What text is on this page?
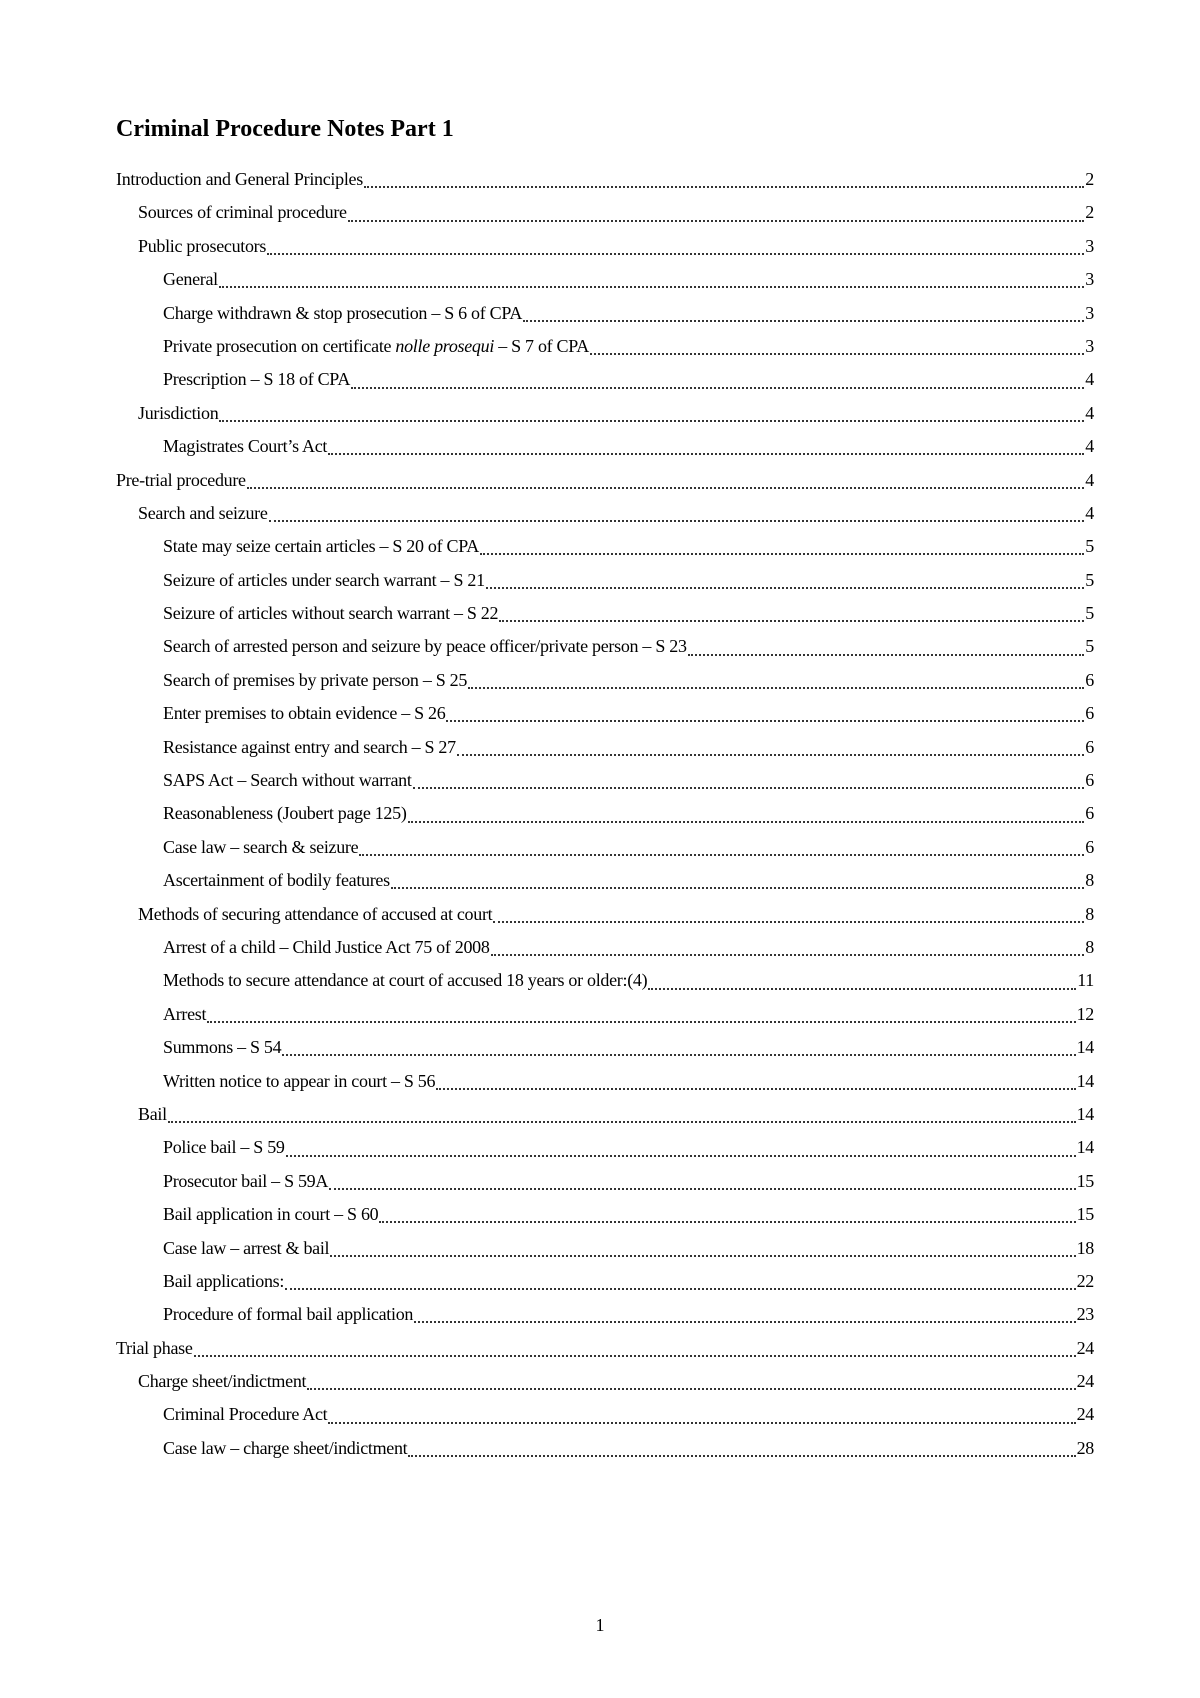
Criminal Procedure Notes Part 1
Introduction and General Principles	2
Sources of criminal procedure	2
Public prosecutors	3
General	3
Charge withdrawn & stop prosecution – S 6 of CPA	3
Private prosecution on certificate nolle prosequi – S 7 of CPA	3
Prescription – S 18 of CPA	4
Jurisdiction	4
Magistrates Court’s Act	4
Pre-trial procedure	4
Search and seizure	4
State may seize certain articles – S 20 of CPA	5
Seizure of articles under search warrant – S 21	5
Seizure of articles without search warrant – S 22	5
Search of arrested person and seizure by peace officer/private person – S 23	5
Search of premises by private person – S 25	6
Enter premises to obtain evidence – S 26	6
Resistance against entry and search – S 27	6
SAPS Act – Search without warrant	6
Reasonableness (Joubert page 125)	6
Case law – search & seizure	6
Ascertainment of bodily features	8
Methods of securing attendance of accused at court	8
Arrest of a child – Child Justice Act 75 of 2008	8
Methods to secure attendance at court of accused 18 years or older:(4)	11
Arrest	12
Summons – S 54	14
Written notice to appear in court – S 56	14
Bail	14
Police bail – S 59	14
Prosecutor bail – S 59A	15
Bail application in court – S 60	15
Case law – arrest & bail	18
Bail applications:	22
Procedure of formal bail application	23
Trial phase	24
Charge sheet/indictment	24
Criminal Procedure Act	24
Case law – charge sheet/indictment	28
1
